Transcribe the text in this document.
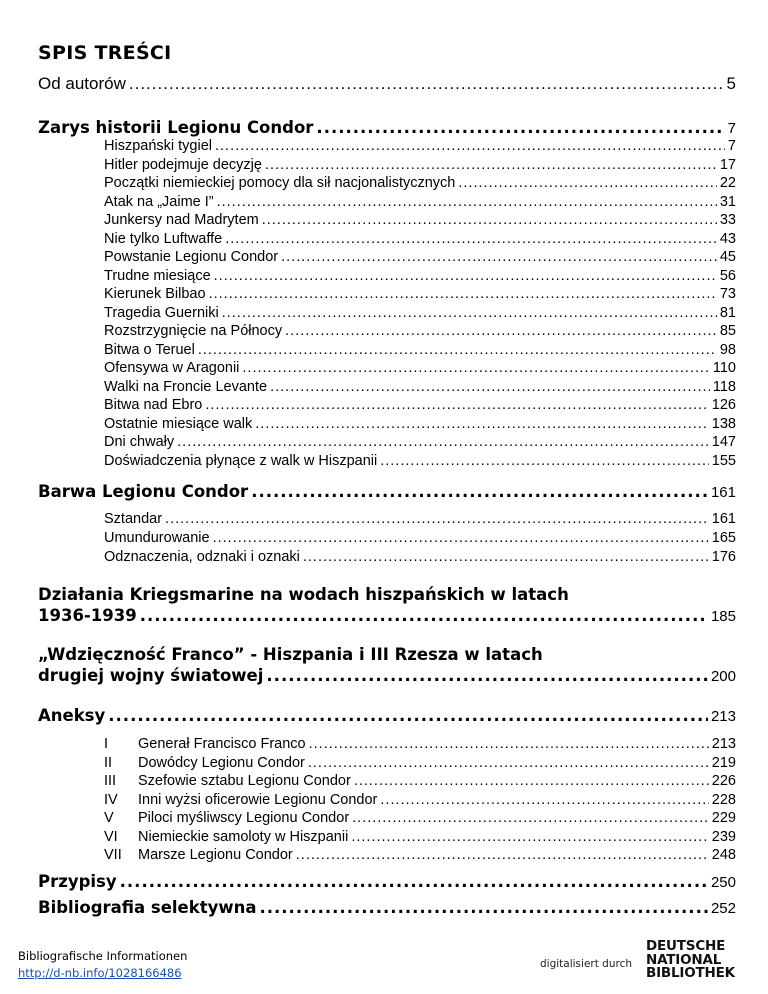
SPIS TREŚCI
Od autorów .....	5
Zarys historii Legionu Condor .....	7
Hiszpański tygiel .....	7
Hitler podejmuje decyzję .....	17
Początki niemieckiej pomocy dla sił nacjonalistycznych .....	22
Atak na „Jaime I” .....	31
Junkersy nad Madrytem .....	33
Nie tylko Luftwaffe .....	43
Powstanie Legionu Condor .....	45
Trudne miesiące .....	56
Kierunek Bilbao .....	73
Tragedia Guerniki .....	81
Rozstrzygnięcie na Północy .....	85
Bitwa o Teruel .....	98
Ofensywa w Aragonii .....	110
Walki na Froncie Levante .....	118
Bitwa nad Ebro .....	126
Ostatnie miesiące walk .....	138
Dni chwały .....	147
Doświadczenia płynące z walk w Hiszpanii .....	155
Barwa Legionu Condor .....	161
Sztandar .....	161
Umundurowanie .....	165
Odznaczenia, odznaki i oznaki .....	176
Działania Kriegsmarine na wodach hiszpańskich w latach
1936-1939 .....	185
„Wdzięczność Franco” - Hiszpania i III Rzesza w latach
drugiej wojny światowej .....	200
Aneksy .....	213
I Generał Francisco Franco .....	213
II Dowódcy Legionu Condor .....	219
III Szefowie sztabu Legionu Condor .....	226
IV Inni wyżsi oficerowie Legionu Condor .....	228
V Piloci myśliwscy Legionu Condor .....	229
VI Niemieckie samoloty w Hiszpanii .....	239
VII Marsze Legionu Condor .....	248
Przypisy .....	250
Bibliografia selektywna .....	252
Bibliografische Informationen
http://d-nb.info/1028166486
digitalisiert durch
DEUTSCHE
NATIONAL
BIBLIOTHEK
